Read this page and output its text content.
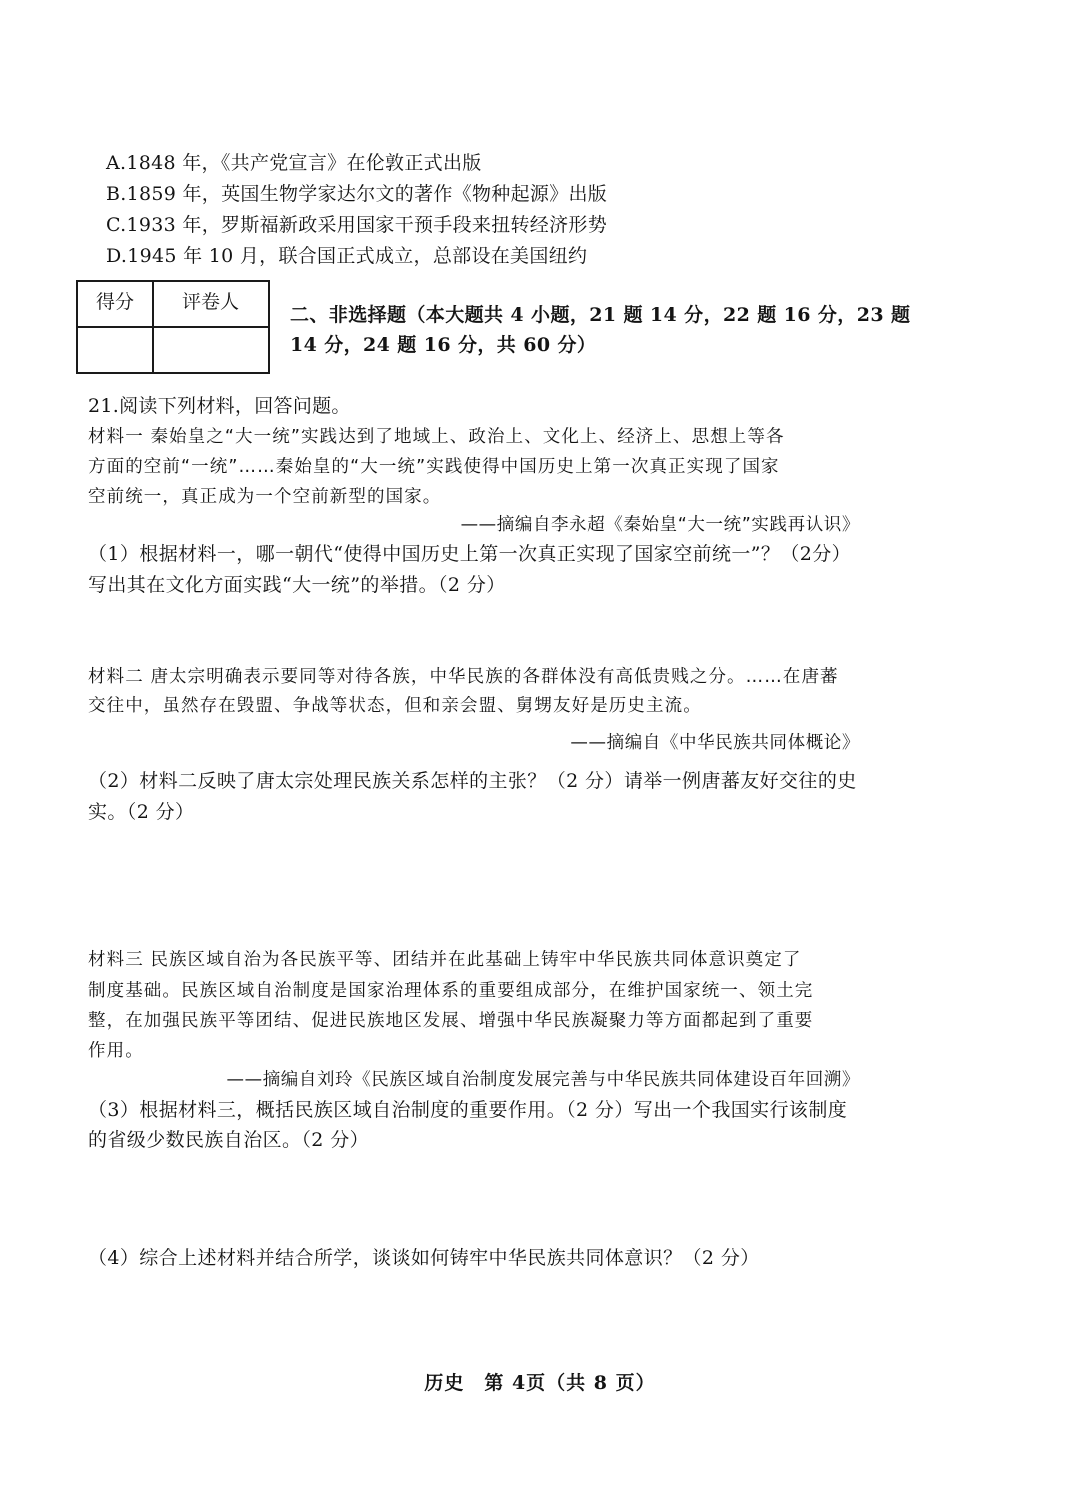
A.1848 年，《共产党宣言》在伦敦正式出版
B.1859 年，英国生物学家达尔文的著作《物种起源》出版
C.1933 年，罗斯福新政采用国家干预手段来扭转经济形势
D.1945 年 10 月，联合国正式成立，总部设在美国纽约
得分	评卷人
二、非选择题（本大题共 4 小题，21 题 14 分，22 题 16 分，23 题
14 分，24 题 16 分，共 60 分）
21.阅读下列材料，回答问题。
材料一 秦始皇之“大一统”实践达到了地域上、政治上、文化上、经济上、思想上等各
方面的空前“一统”……秦始皇的“大一统”实践使得中国历史上第一次真正实现了国家
空前统一，真正成为一个空前新型的国家。
——摘编自李永超《秦始皇“大一统”实践再认识》
（1）根据材料一，哪一朝代“使得中国历史上第一次真正实现了国家空前统一”？（2分）
写出其在文化方面实践“大一统”的举措。（2 分）
材料二 唐太宗明确表示要同等对待各族，中华民族的各群体没有高低贵贱之分。……在唐蕃
交往中，虽然存在毁盟、争战等状态，但和亲会盟、舅甥友好是历史主流。
——摘编自《中华民族共同体概论》
（2）材料二反映了唐太宗处理民族关系怎样的主张？（2 分）请举一例唐蕃友好交往的史
实。（2 分）
材料三 民族区域自治为各民族平等、团结并在此基础上铸牢中华民族共同体意识奠定了
制度基础。民族区域自治制度是国家治理体系的重要组成部分，在维护国家统一、领土完
整，在加强民族平等团结、促进民族地区发展、增强中华民族凝聚力等方面都起到了重要
作用。
——摘编自刘玲《民族区域自治制度发展完善与中华民族共同体建设百年回溯》
（3）根据材料三，概括民族区域自治制度的重要作用。（2 分）写出一个我国实行该制度
的省级少数民族自治区。（2 分）
（4）综合上述材料并结合所学，谈谈如何铸牢中华民族共同体意识？（2 分）
历史　第 4页（共 8 页）
